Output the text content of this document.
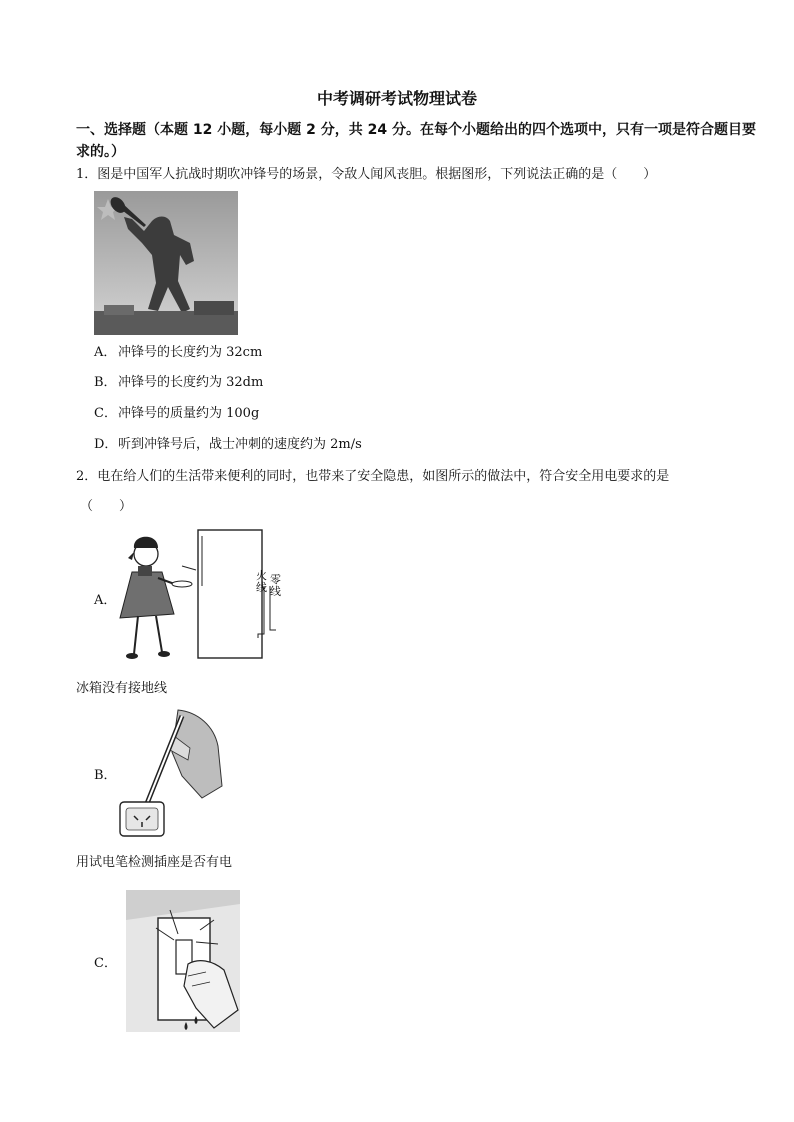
中考调研考试物理试卷
一、选择题（本题 12 小题，每小题 2 分，共 24 分。在每个小题给出的四个选项中，只有一项是符合题目要求的。）
1．图是中国军人抗战时期吹冲锋号的场景，令敌人闻风丧胆。根据图形，下列说法正确的是（　　）
A． 冲锋号的长度约为 32cm
B．冲锋号的长度约为 32dm
C．冲锋号的质量约为 100g
D．听到冲锋号后，战士冲刺的速度约为 2m/s
2．电在给人们的生活带来便利的同时，也带来了安全隐患，如图所示的做法中，符合安全用电要求的是
（　　）
A．
火
线
零
线
冰箱没有接地线
B．
用试电笔检测插座是否有电
C．
